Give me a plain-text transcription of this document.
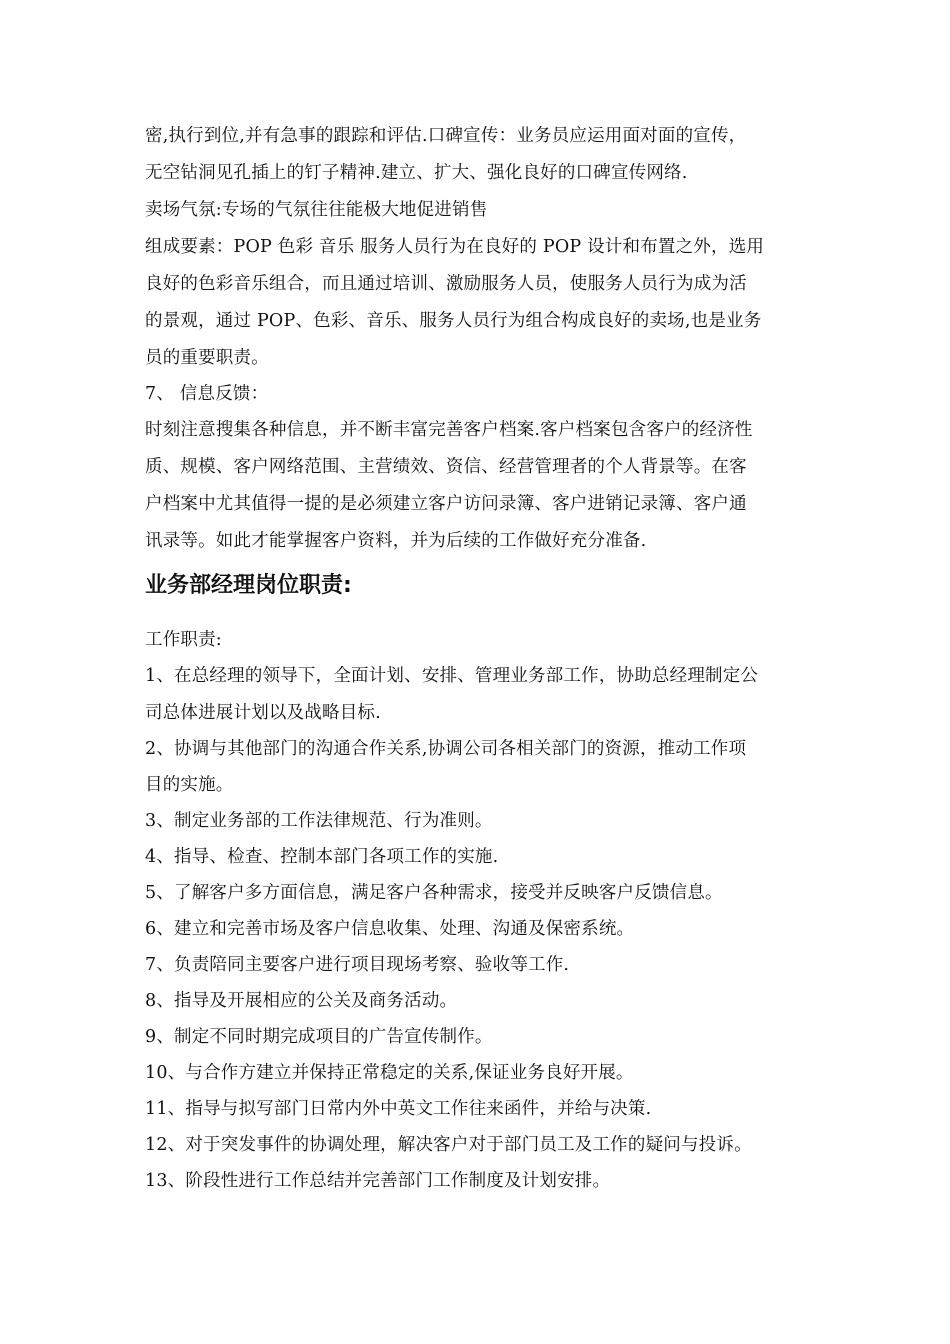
密,执行到位,并有急事的跟踪和评估.口碑宣传：业务员应运用面对面的宣传，
无空钻洞见孔插上的钉子精神.建立、扩大、强化良好的口碑宣传网络.
卖场气氛:专场的气氛往往能极大地促进销售
组成要素：POP 色彩 音乐 服务人员行为在良好的 POP 设计和布置之外，选用
良好的色彩音乐组合，而且通过培训、激励服务人员，使服务人员行为成为活
的景观，通过 POP、色彩、音乐、服务人员行为组合构成良好的卖场,也是业务
员的重要职责。
7、 信息反馈：
时刻注意搜集各种信息，并不断丰富完善客户档案.客户档案包含客户的经济性
质、规模、客户网络范围、主营绩效、资信、经营管理者的个人背景等。在客
户档案中尤其值得一提的是必须建立客户访问录簿、客户进销记录簿、客户通
讯录等。如此才能掌握客户资料，并为后续的工作做好充分准备.
业务部经理岗位职责:
工作职责:
1、在总经理的领导下，全面计划、安排、管理业务部工作，协助总经理制定公
司总体进展计划以及战略目标.
2、协调与其他部门的沟通合作关系,协调公司各相关部门的资源，推动工作项
目的实施。
3、制定业务部的工作法律规范、行为准则。
4、指导、检查、控制本部门各项工作的实施.
5、了解客户多方面信息，满足客户各种需求，接受并反映客户反馈信息。
6、建立和完善市场及客户信息收集、处理、沟通及保密系统。
7、负责陪同主要客户进行项目现场考察、验收等工作.
8、指导及开展相应的公关及商务活动。
9、制定不同时期完成项目的广告宣传制作。
10、与合作方建立并保持正常稳定的关系,保证业务良好开展。
11、指导与拟写部门日常内外中英文工作往来函件，并给与决策.
12、对于突发事件的协调处理，解决客户对于部门员工及工作的疑问与投诉。
13、阶段性进行工作总结并完善部门工作制度及计划安排。
